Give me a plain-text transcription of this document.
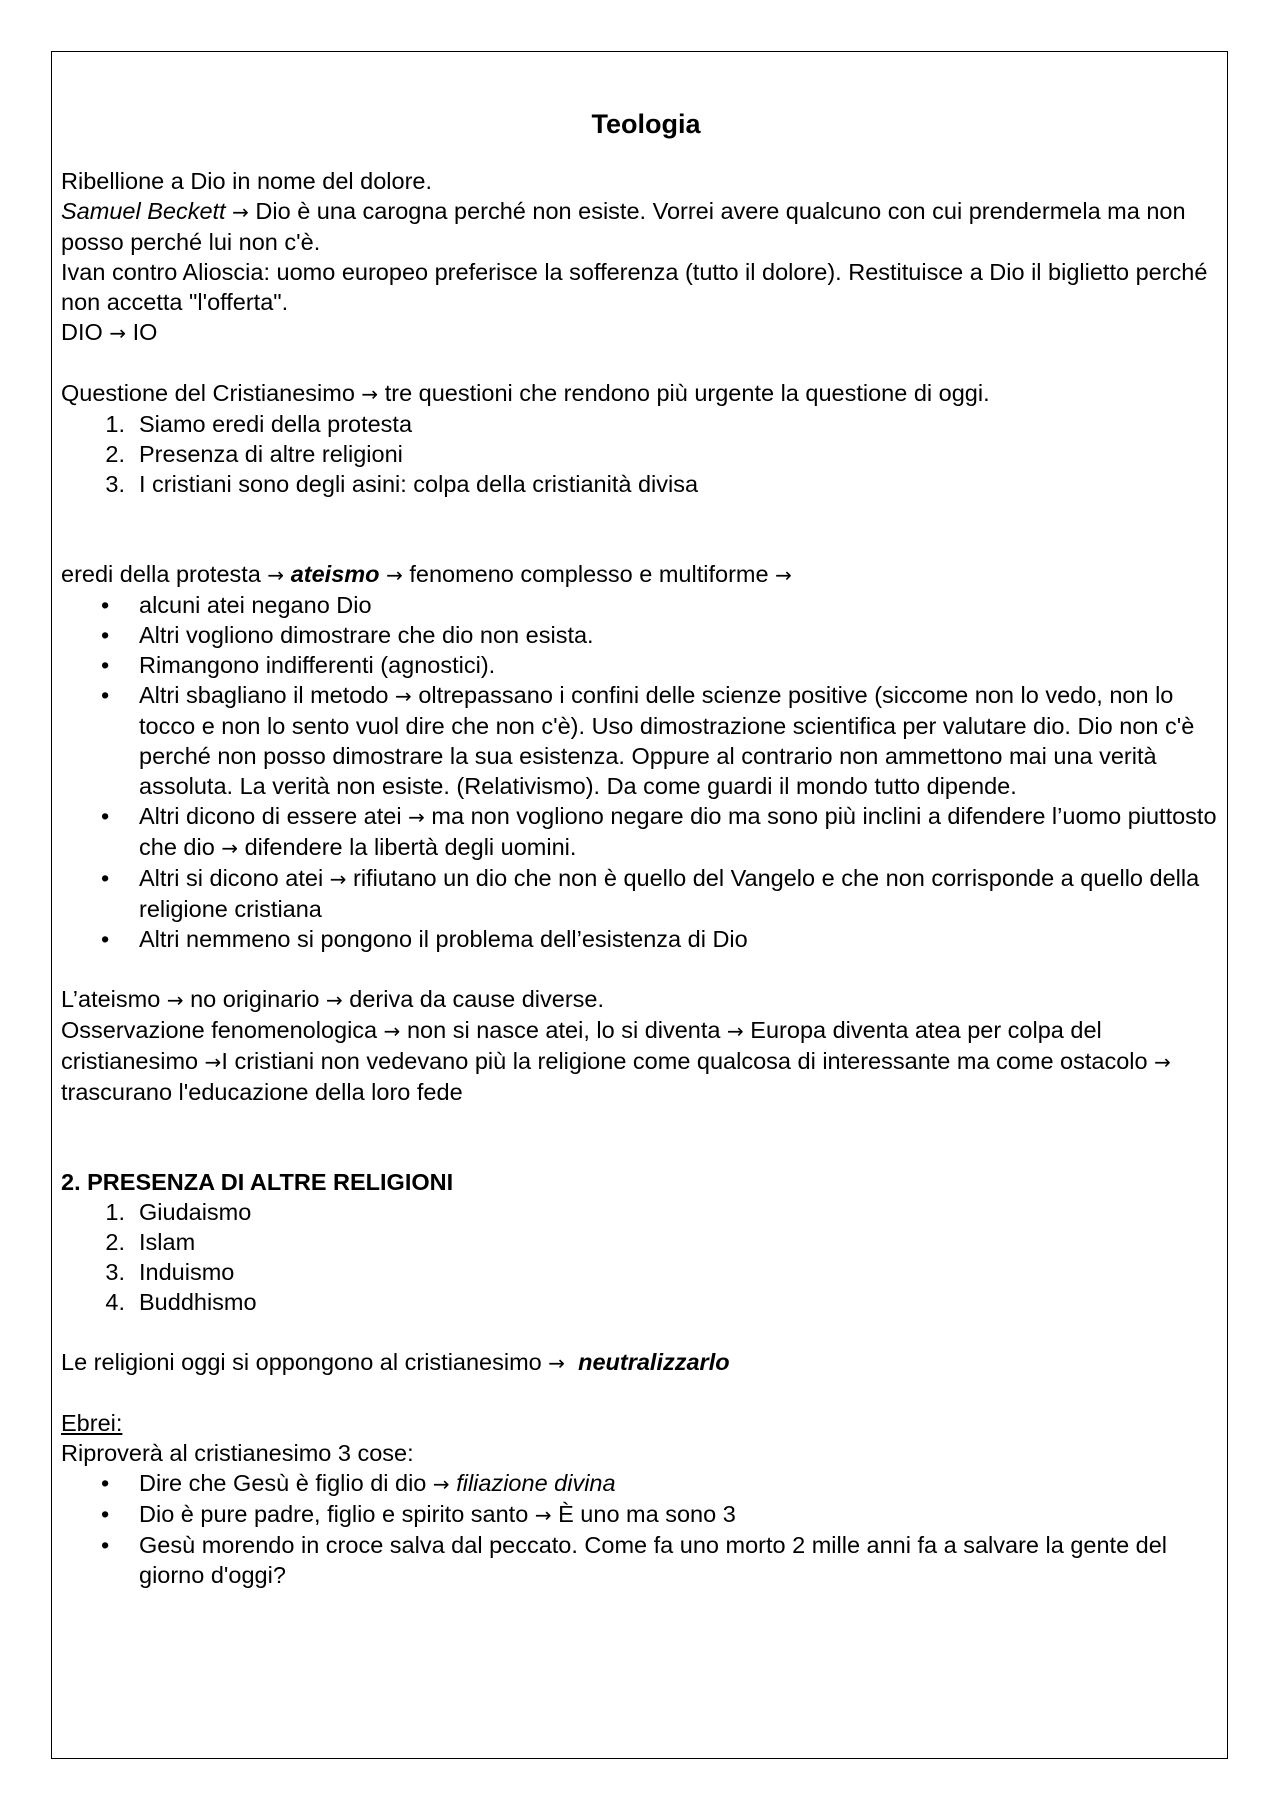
Teologia

Ribellione a Dio in nome del dolore.

Samuel Beckett → Dio è una carogna perché non esiste. Vorrei avere qualcuno con cui prendermela ma non posso perché lui non c'è.

Ivan contro Alioscia: uomo europeo preferisce la sofferenza (tutto il dolore). Restituisce a Dio il biglietto perché non accetta "l'offerta".

DIO → IO

Questione del Cristianesimo → tre questioni che rendono più urgente la questione di oggi.

1. Siamo eredi della protesta
2. Presenza di altre religioni
3. I cristiani sono degli asini: colpa della cristianità divisa

eredi della protesta → ateismo → fenomeno complesso e multiforme →

• alcuni atei negano Dio
• Altri vogliono dimostrare che dio non esista.
• Rimangono indifferenti (agnostici).
• Altri sbagliano il metodo → oltrepassano i confini delle scienze positive (siccome non lo vedo, non lo tocco e non lo sento vuol dire che non c'è). Uso dimostrazione scientifica per valutare dio. Dio non c'è perché non posso dimostrare la sua esistenza. Oppure al contrario non ammettono mai una verità assoluta. La verità non esiste. (Relativismo). Da come guardi il mondo tutto dipende.
• Altri dicono di essere atei → ma non vogliono negare dio ma sono più inclini a difendere l’uomo piuttosto che dio → difendere la libertà degli uomini.
• Altri si dicono atei → rifiutano un dio che non è quello del Vangelo e che non corrisponde a quello della religione cristiana
• Altri nemmeno si pongono il problema dell’esistenza di Dio

L’ateismo → no originario → deriva da cause diverse.

Osservazione fenomenologica → non si nasce atei, lo si diventa → Europa diventa atea per colpa del cristianesimo →I cristiani non vedevano più la religione come qualcosa di interessante ma come ostacolo → trascurano l'educazione della loro fede

2. PRESENZA DI ALTRE RELIGIONI

1. Giudaismo
2. Islam
3. Induismo
4. Buddhismo

Le religioni oggi si oppongono al cristianesimo → neutralizzarlo

Ebrei:

Riproverà al cristianesimo 3 cose:

• Dire che Gesù è figlio di dio → filiazione divina
• Dio è pure padre, figlio e spirito santo → È uno ma sono 3
• Gesù morendo in croce salva dal peccato. Come fa uno morto 2 mille anni fa a salvare la gente del giorno d'oggi?
